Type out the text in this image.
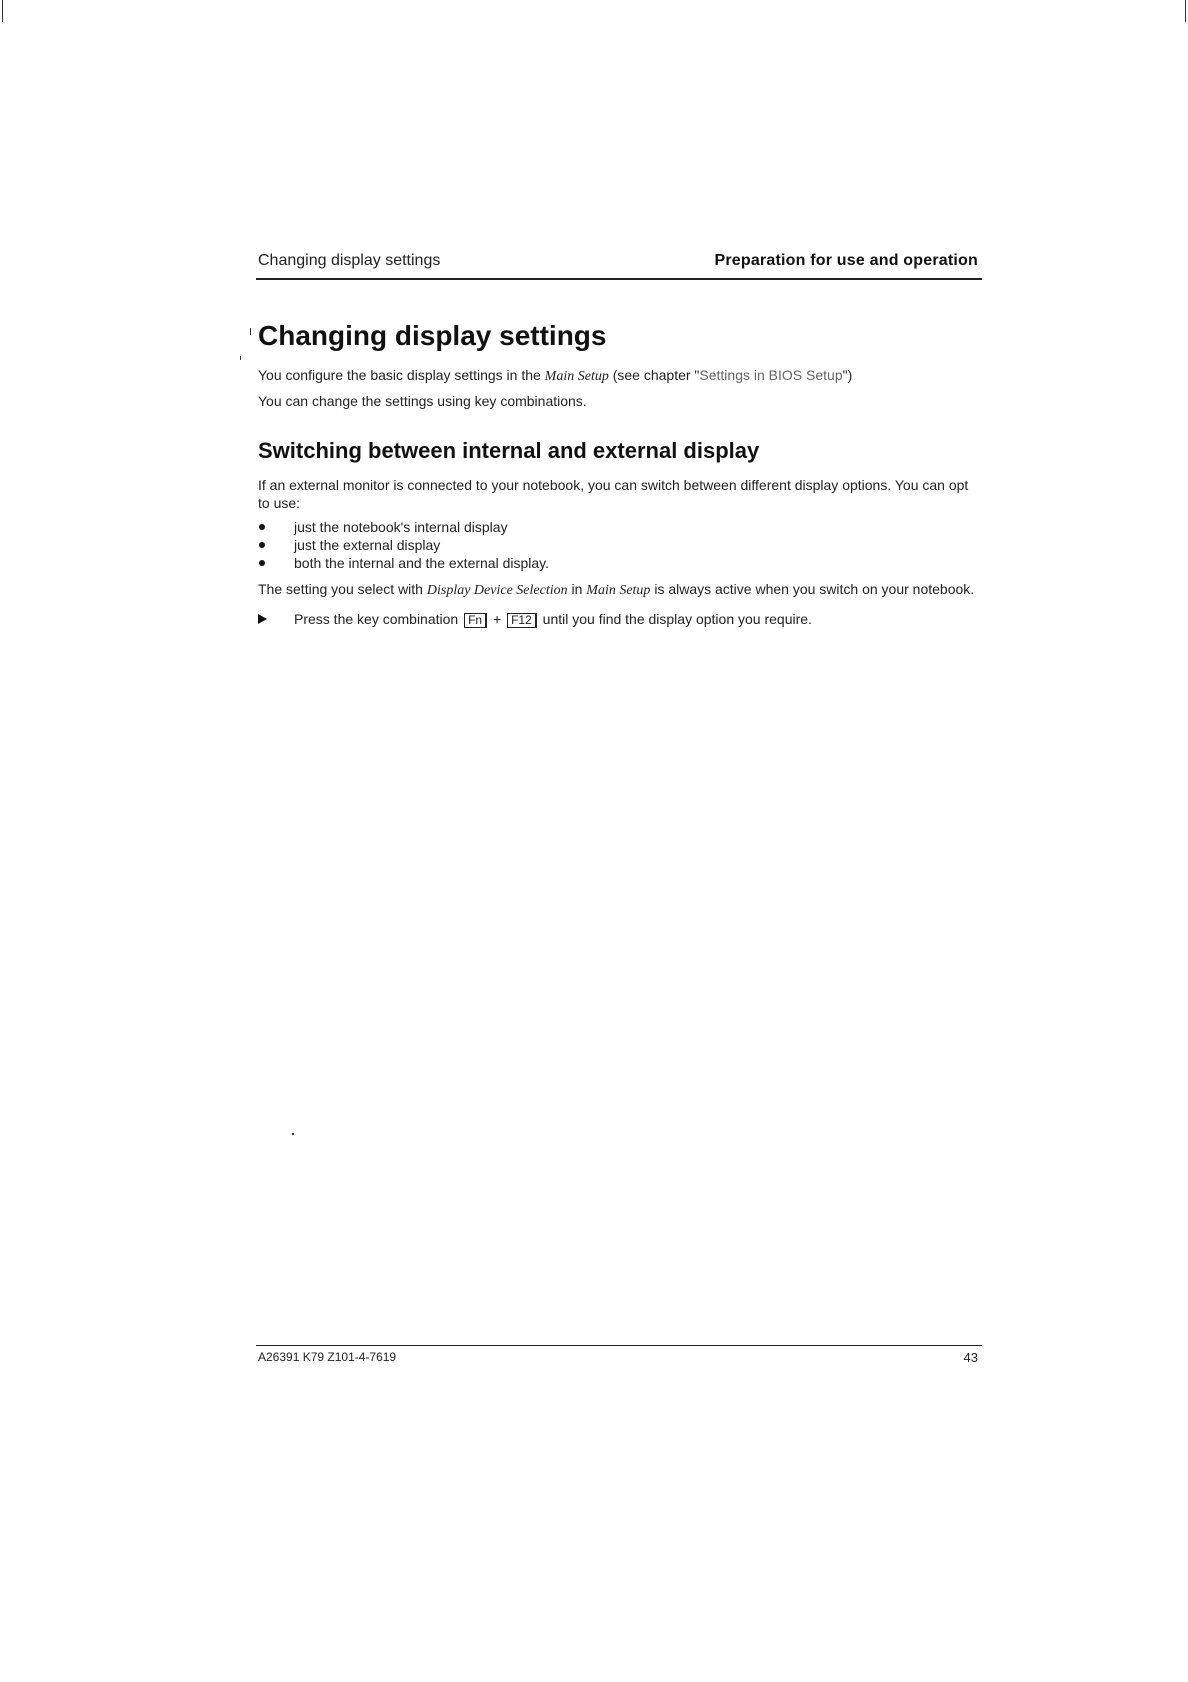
Changing display settings	Preparation for use and operation
Changing display settings

You configure the basic display settings in the Main Setup (see chapter "Settings in BIOS Setup")

You can change the settings using key combinations.

Switching between internal and external display

If an external monitor is connected to your notebook, you can switch between different display options. You can opt to use:

just the notebook's internal display
just the external display
both the internal and the external display.

The setting you select with Display Device Selection in Main Setup is always active when you switch on your notebook.

Press the key combination Fn + F12 until you find the display option you require.
A26391 K79 Z101-4-7619	43
